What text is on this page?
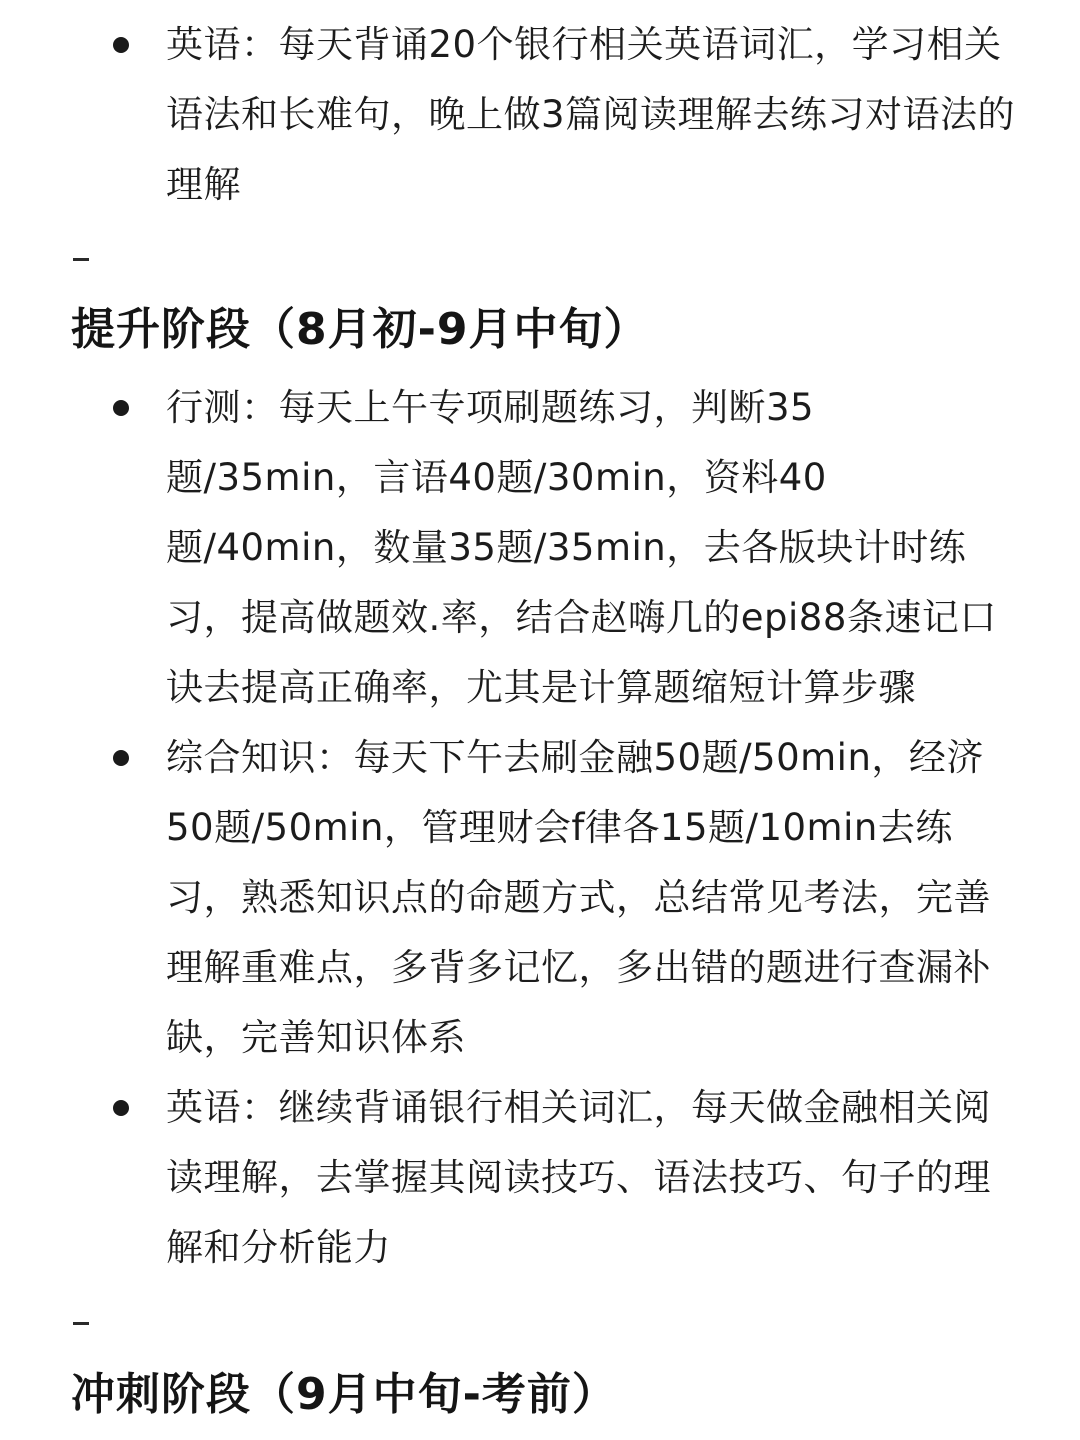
英语：每天背诵20个银行相关英语词汇，学习相关语法和长难句，晚上做3篇阅读理解去练习对语法的理解
提升阶段（8月初-9月中旬）
行测：每天上午专项刷题练习，判断35题/35min，言语40题/30min，资料40题/40min，数量35题/35min，去各版块计时练习，提高做题效.率，结合赵嗨几的epi88条速记口诀去提高正确率，尤其是计算题缩短计算步骤
综合知识：每天下午去刷金融50题/50min，经济50题/50min，管理财会f律各15题/10min去练习，熟悉知识点的命题方式，总结常见考法，完善理解重难点，多背多记忆，多出错的题进行查漏补缺，完善知识体系
英语：继续背诵银行相关词汇，每天做金融相关阅读理解，去掌握其阅读技巧、语法技巧、句子的理解和分析能力
冲刺阶段（9月中旬-考前）
